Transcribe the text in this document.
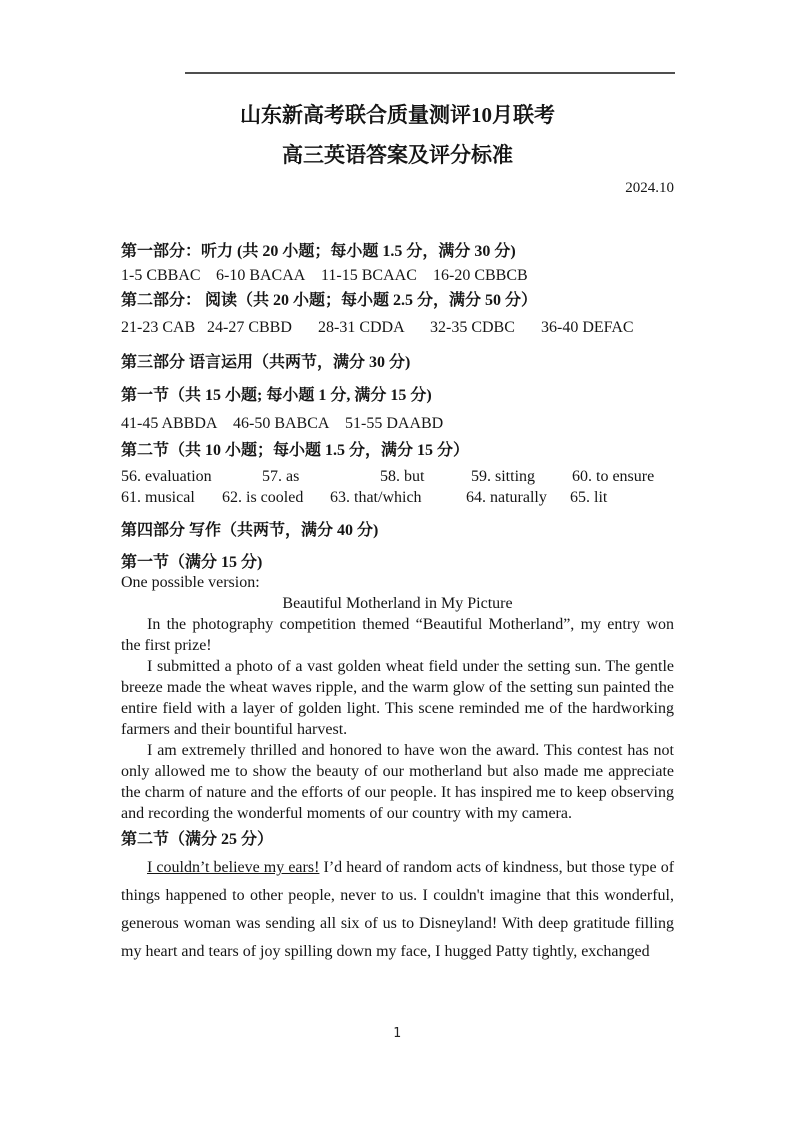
山东新高考联合质量测评10月联考
高三英语答案及评分标准
2024.10

第一部分：听力 (共 20 小题；每小题 1.5 分，满分 30 分)

1-5 CBBAC 6-10 BACAA 11-15 BCAAC	16-20 CBBCB

第二部分： 阅读（共 20 小题；每小题 2.5 分，满分 50 分）

21-23 CAB 24-27 CBBD	28-31 CDDA	32-35 CDBC	36-40 DEFAC

第三部分 语言运用（共两节，满分 30 分)

第一节（共 15 小题; 每小题 1 分, 满分 15 分)

41-45 ABBDA 46-50 BABCA 51-55 DAABD

第二节（共 10 小题；每小题 1.5 分，满分 15 分）

56. evaluation	57. as	58. but	59. sitting	60. to ensure
61. musical	62. is cooled	63. that/which	64. naturally	65. lit

第四部分 写作（共两节，满分 40 分)

第一节（满分 15 分)

One possible version:

Beautiful Motherland in My Picture

In the photography competition themed “Beautiful Motherland”, my entry won the first prize!

I submitted a photo of a vast golden wheat field under the setting sun. The gentle breeze made the wheat waves ripple, and the warm glow of the setting sun painted the entire field with a layer of golden light. This scene reminded me of the hardworking farmers and their bountiful harvest.

I am extremely thrilled and honored to have won the award. This contest has not only allowed me to show the beauty of our motherland but also made me appreciate the charm of nature and the efforts of our people. It has inspired me to keep observing and recording the wonderful moments of our country with my camera.

第二节（满分 25 分）

I couldn’t believe my ears! I’d heard of random acts of kindness, but those type of things happened to other people, never to us. I couldn't imagine that this wonderful, generous woman was sending all six of us to Disneyland! With deep gratitude filling my heart and tears of joy spilling down my face, I hugged Patty tightly, exchanged

1
